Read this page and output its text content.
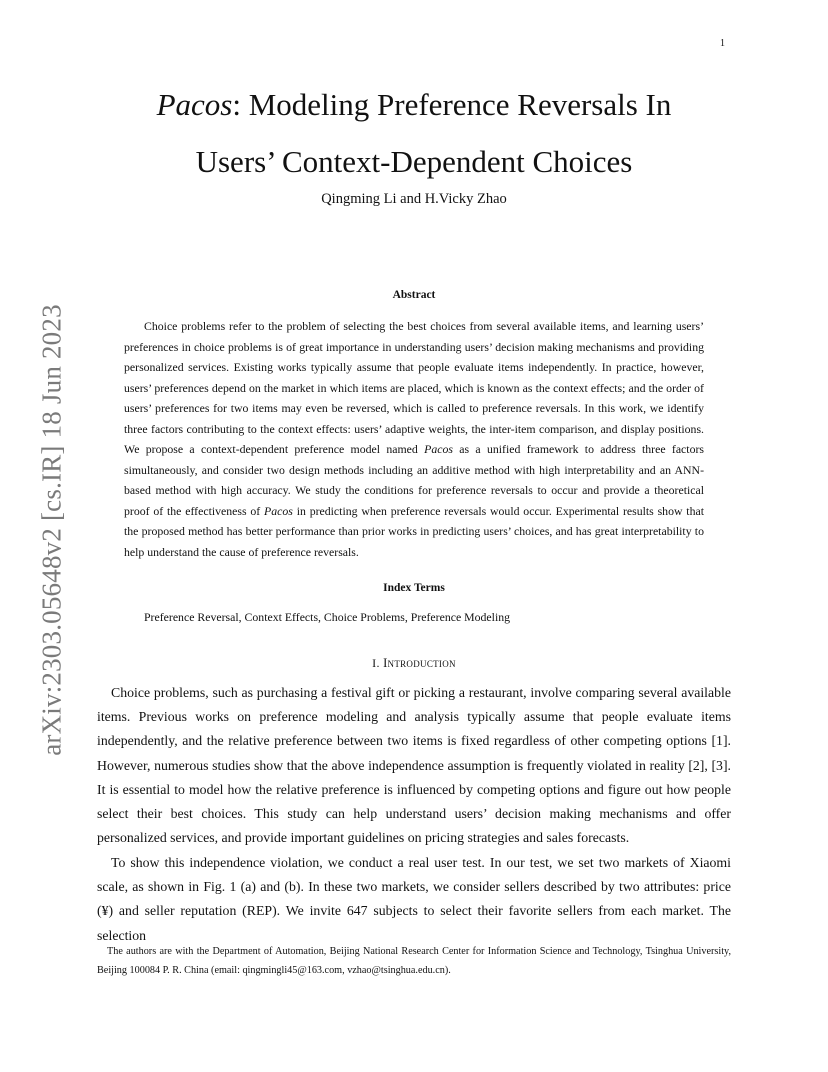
1
arXiv:2303.05648v2 [cs.IR] 18 Jun 2023
Pacos: Modeling Preference Reversals In
Users’ Context-Dependent Choices
Qingming Li and H.Vicky Zhao
Abstract

Choice problems refer to the problem of selecting the best choices from several available items, and learning users’ preferences in choice problems is of great importance in understanding users’ decision making mechanisms and providing personalized services. Existing works typically assume that people evaluate items independently. In practice, however, users’ preferences depend on the market in which items are placed, which is known as the context effects; and the order of users’ preferences for two items may even be reversed, which is called to preference reversals. In this work, we identify three factors contributing to the context effects: users’ adaptive weights, the inter-item comparison, and display positions. We propose a context-dependent preference model named Pacos as a unified framework to address three factors simultaneously, and consider two design methods including an additive method with high interpretability and an ANN-based method with high accuracy. We study the conditions for preference reversals to occur and provide a theoretical proof of the effectiveness of Pacos in predicting when preference reversals would occur. Experimental results show that the proposed method has better performance than prior works in predicting users’ choices, and has great interpretability to help understand the cause of preference reversals.

Index Terms
Preference Reversal, Context Effects, Choice Problems, Preference Modeling
I. Introduction

Choice problems, such as purchasing a festival gift or picking a restaurant, involve comparing several available items. Previous works on preference modeling and analysis typically assume that people evaluate items independently, and the relative preference between two items is fixed regardless of other competing options [1]. However, numerous studies show that the above independence assumption is frequently violated in reality [2], [3]. It is essential to model how the relative preference is influenced by competing options and figure out how people select their best choices. This study can help understand users’ decision making mechanisms and offer personalized services, and provide important guidelines on pricing strategies and sales forecasts.

To show this independence violation, we conduct a real user test. In our test, we set two markets of Xiaomi scale, as shown in Fig. 1 (a) and (b). In these two markets, we consider sellers described by two attributes: price (¥) and seller reputation (REP). We invite 647 subjects to select their favorite sellers from each market. The selection

The authors are with the Department of Automation, Beijing National Research Center for Information Science and Technology, Tsinghua University, Beijing 100084 P. R. China (email: qingmingli45@163.com, vzhao@tsinghua.edu.cn).
